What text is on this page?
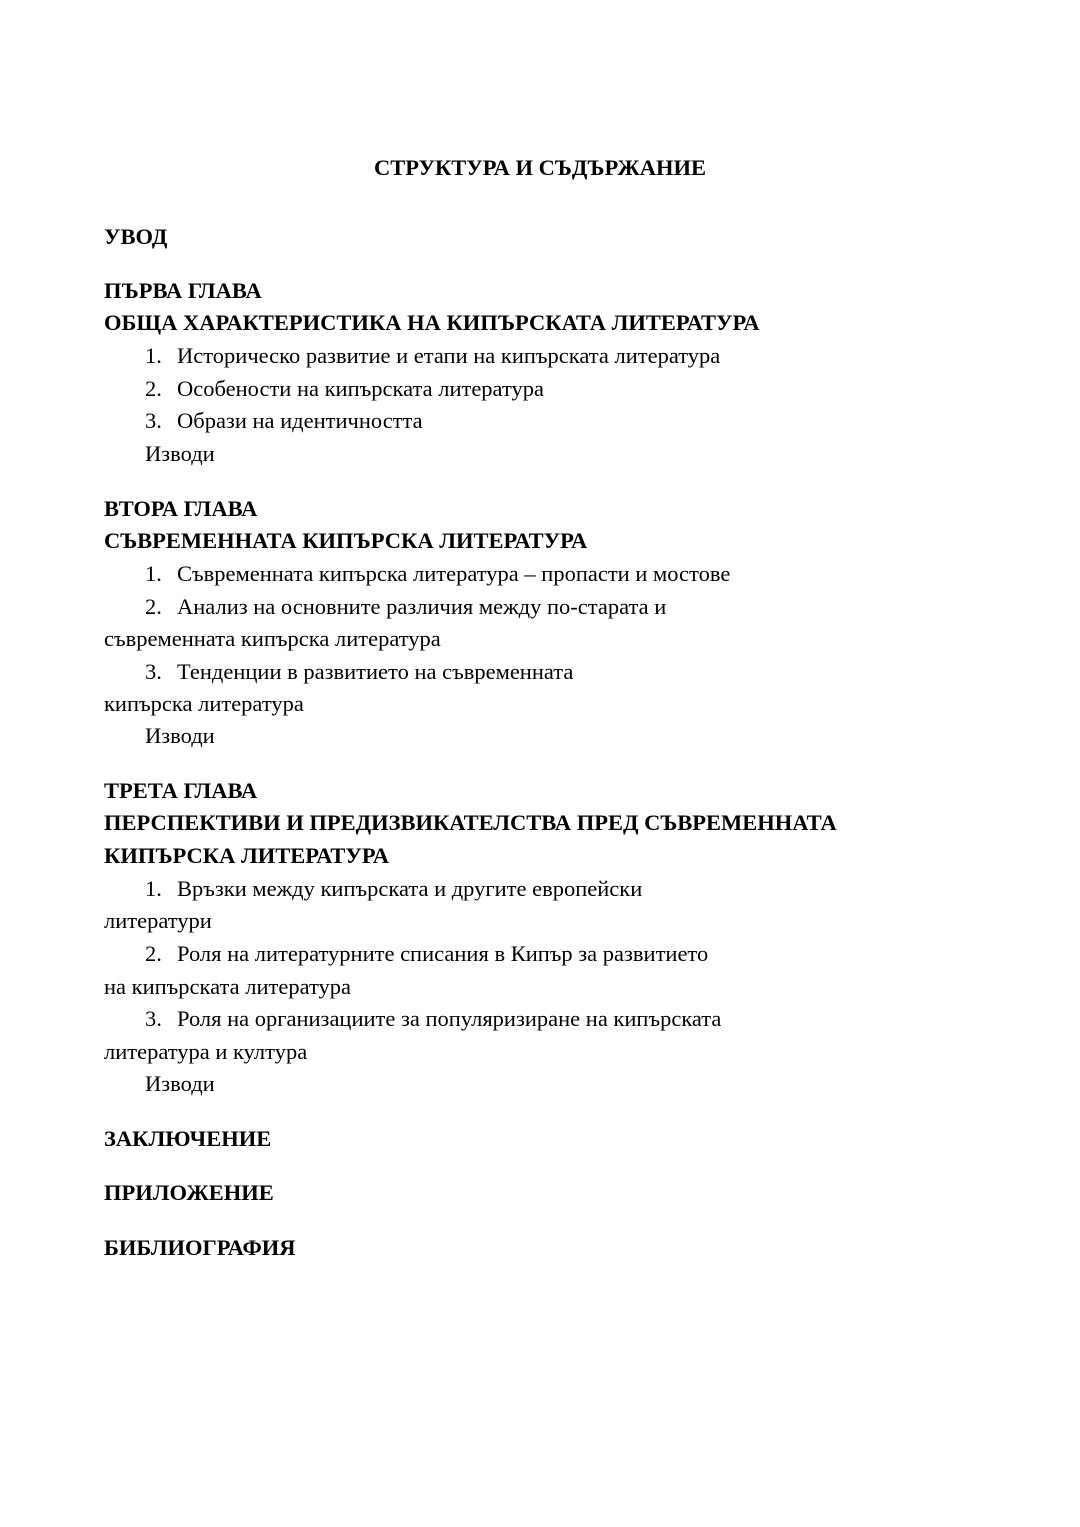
СТРУКТУРА И СЪДЪРЖАНИЕ

УВОД

ПЪРВА ГЛАВА

ОБЩА ХАРАКТЕРИСТИКА НА КИПЪРСКАТА ЛИТЕРАТУРА

1. Историческо развитие и етапи на кипърската литература

2. Особености на кипърската литература

3. Образи на идентичността

Изводи

ВТОРА ГЛАВА

СЪВРЕМЕННАТА КИПЪРСКА ЛИТЕРАТУРА

1. Съвременната кипърска литература – пропасти и мостове

2. Анализ на основните различия между по-старата и

съвременната кипърска литература

3. Тенденции в развитието на съвременната

кипърска литература

Изводи

ТРЕТА ГЛАВА

ПЕРСПЕКТИВИ И ПРЕДИЗВИКАТЕЛСТВА ПРЕД СЪВРЕМЕННАТА

КИПЪРСКА ЛИТЕРАТУРА

1. Връзки между кипърската и другите европейски

литератури

2. Роля на литературните списания в Кипър за развитието

на кипърската литература

3. Роля на организациите за популяризиране на кипърската

литература и култура

Изводи

ЗАКЛЮЧЕНИЕ

ПРИЛОЖЕНИЕ

БИБЛИОГРАФИЯ
